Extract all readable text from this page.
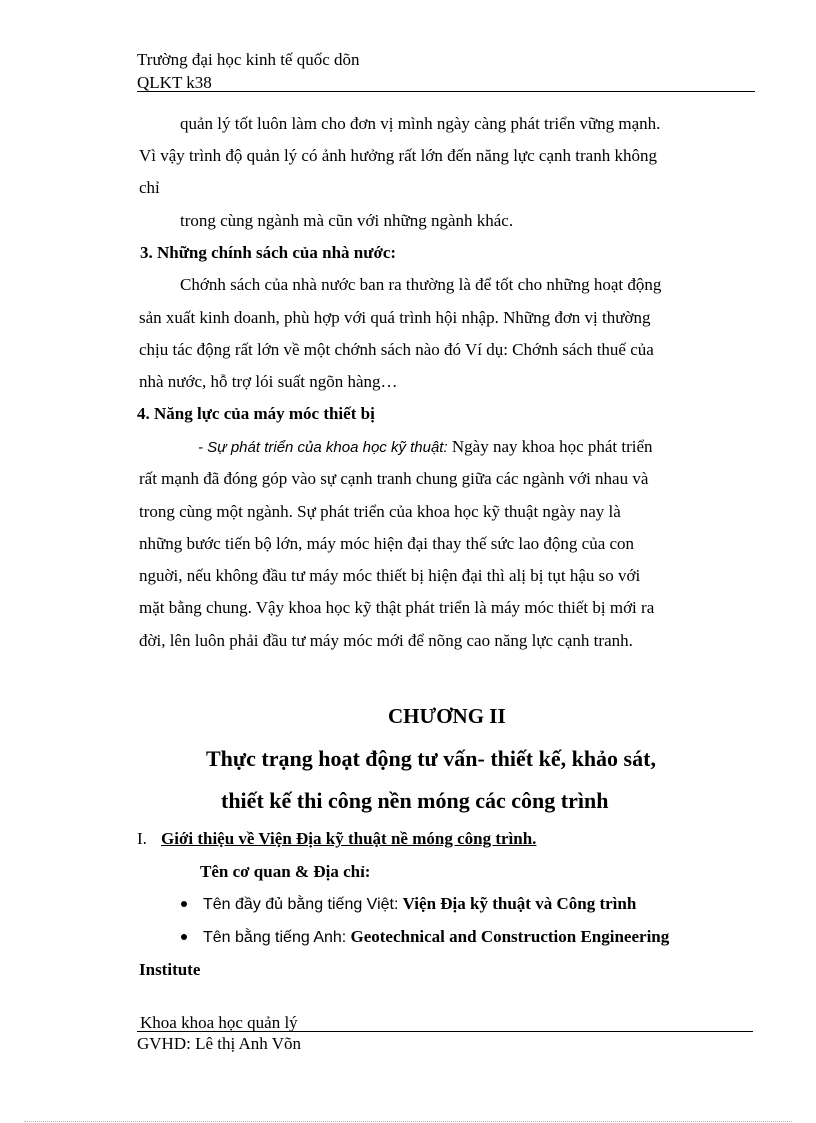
Trường đại học kinh tế quốc dõn
QLKT k38
quản lý tốt luôn làm cho đơn vị mình ngày càng phát triển vững mạnh.
Vì vậy trình độ quản lý có ảnh hưởng rất lớn đến năng lực cạnh tranh không
chỉ
trong cùng ngành mà cũn với những ngành khác.
3. Những chính sách của nhà nước:
Chớnh sách của nhà nước ban ra thường là để tốt cho những hoạt động
sản xuất kinh doanh, phù hợp với quá trình hội nhập. Những đơn vị thường
chịu tác động rất lớn về một chớnh sách nào đó Ví dụ: Chớnh sách thuế của
nhà nước, hỗ trợ lói suất ngõn hàng…
4. Năng lực của máy móc thiết bị
- Sự phát triển của khoa học kỹ thuật: Ngày nay khoa học phát triển
rất mạnh đã đóng góp vào sự cạnh tranh chung giữa các ngành với nhau và
trong cùng một ngành. Sự phát triển của khoa học kỹ thuật ngày nay là
những bước tiến bộ lớn, máy móc hiện đại thay thế sức lao động của con
nguời, nếu không đầu tư máy móc thiết bị hiện đại thì alị bị tụt hậu so với
mặt bằng chung. Vậy khoa học kỹ thật phát triển là máy móc thiết bị mới ra
đời, lên luôn phải đầu tư máy móc mới để nõng cao năng lực cạnh tranh.
CHƯƠNG II
Thực trạng hoạt động tư vấn- thiết kế, khảo sát,
thiết kế thi công nền móng các công trình
I. Giới thiệu về Viện Địa kỹ thuật nề móng công trình.
Tên cơ quan & Địa chỉ:
Tên đầy đủ bằng tiếng Việt: Viện Địa kỹ thuật và Công trình
Tên bằng tiếng Anh: Geotechnical and Construction Engineering
Institute
Khoa khoa học quản lý
GVHD: Lê thị Anh Võn
